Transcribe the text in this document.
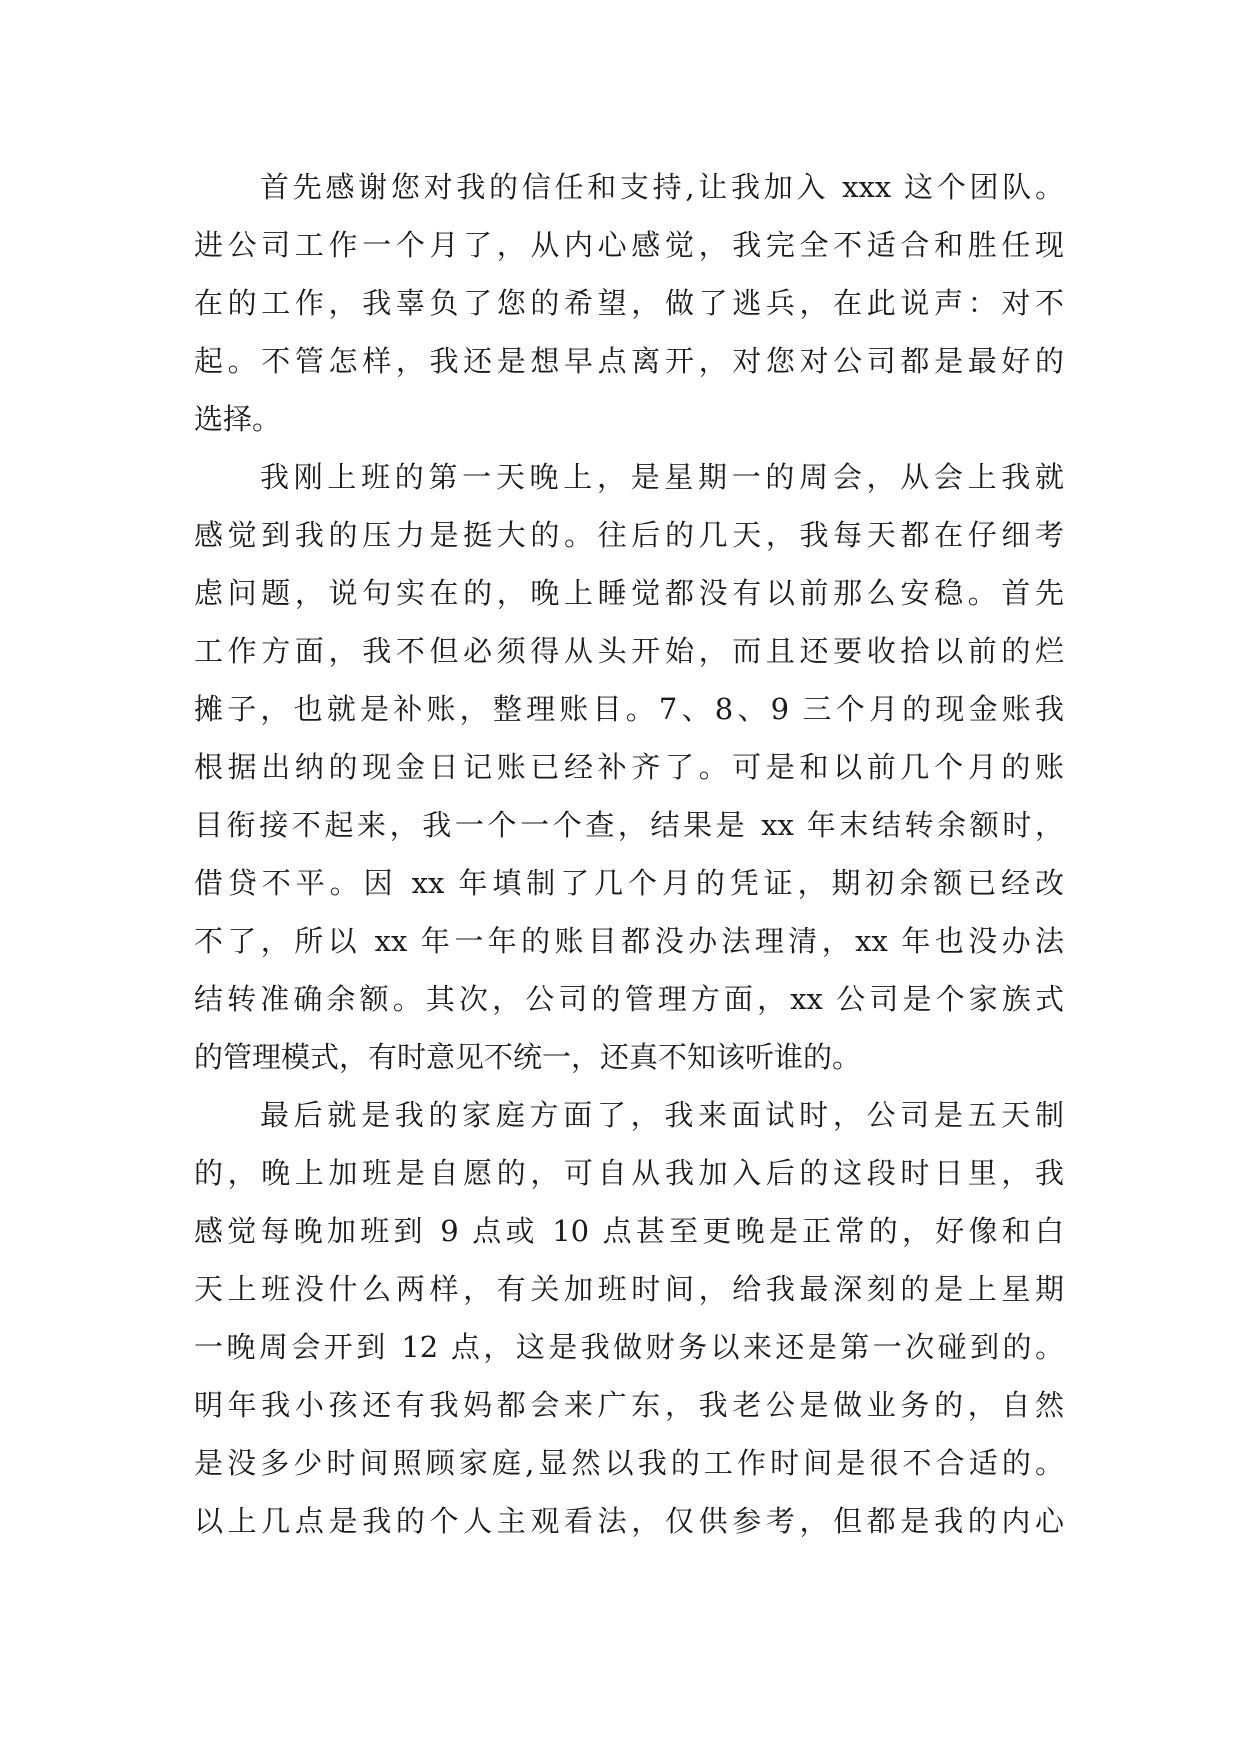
首先感谢您对我的信任和支持,让我加入 xxx 这个团队。
进公司工作一个月了，从内心感觉，我完全不适合和胜任现
在的工作，我辜负了您的希望，做了逃兵，在此说声：对不
起。不管怎样，我还是想早点离开，对您对公司都是最好的
选择。
我刚上班的第一天晚上，是星期一的周会，从会上我就
感觉到我的压力是挺大的。往后的几天，我每天都在仔细考
虑问题，说句实在的，晚上睡觉都没有以前那么安稳。首先
工作方面，我不但必须得从头开始，而且还要收拾以前的烂
摊子，也就是补账，整理账目。7、8、9 三个月的现金账我
根据出纳的现金日记账已经补齐了。可是和以前几个月的账
目衔接不起来，我一个一个查，结果是 xx 年末结转余额时，
借贷不平。因 xx 年填制了几个月的凭证，期初余额已经改
不了，所以 xx 年一年的账目都没办法理清，xx 年也没办法
结转准确余额。其次，公司的管理方面，xx 公司是个家族式
的管理模式，有时意见不统一，还真不知该听谁的。
最后就是我的家庭方面了，我来面试时，公司是五天制
的，晚上加班是自愿的，可自从我加入后的这段时日里，我
感觉每晚加班到 9 点或 10 点甚至更晚是正常的，好像和白
天上班没什么两样，有关加班时间，给我最深刻的是上星期
一晚周会开到 12 点，这是我做财务以来还是第一次碰到的。
明年我小孩还有我妈都会来广东，我老公是做业务的，自然
是没多少时间照顾家庭,显然以我的工作时间是很不合适的。
以上几点是我的个人主观看法，仅供参考，但都是我的内心
